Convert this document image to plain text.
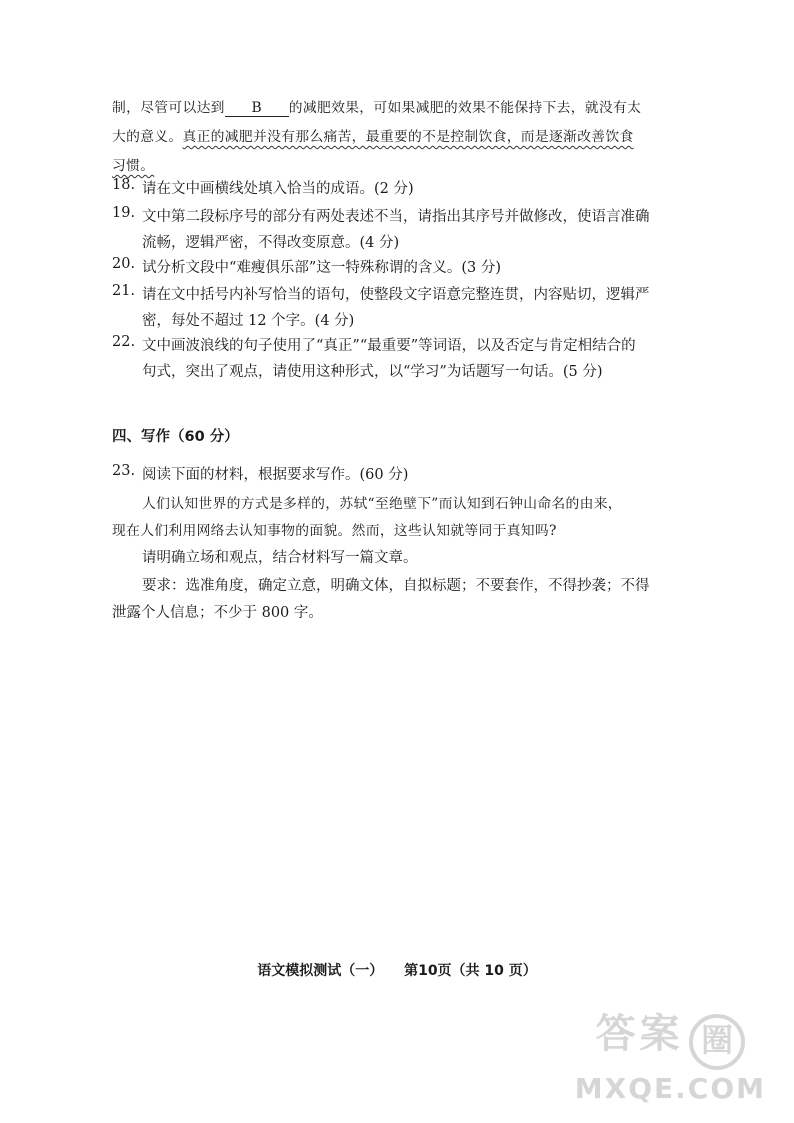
制，尽管可以达到 B 的减肥效果，可如果减肥的效果不能保持下去，就没有太
大的意义。真正的减肥并没有那么痛苦，最重要的不是控制饮食，而是逐渐改善饮食
习惯。
18. 请在文中画横线处填入恰当的成语。(2 分)
19. 文中第二段标序号的部分有两处表述不当，请指出其序号并做修改，使语言准确
流畅，逻辑严密，不得改变原意。(4 分)
20. 试分析文段中“难瘦俱乐部”这一特殊称谓的含义。(3 分)
21. 请在文中括号内补写恰当的语句，使整段文字语意完整连贯，内容贴切，逻辑严
密，每处不超过 12 个字。(4 分)
22. 文中画波浪线的句子使用了“真正”“最重要”等词语，以及否定与肯定相结合的
句式，突出了观点，请使用这种形式，以“学习”为话题写一句话。(5 分)
四、写作（60 分）
23. 阅读下面的材料，根据要求写作。(60 分)
人们认知世界的方式是多样的，苏轼“至绝壁下”而认知到石钟山命名的由来，
现在人们利用网络去认知事物的面貌。然而，这些认知就等同于真知吗?
请明确立场和观点，结合材料写一篇文章。
要求：选准角度，确定立意，明确文体，自拟标题；不要套作，不得抄袭；不得
泄露个人信息；不少于 800 字。
语文模拟测试（一） 第10页（共 10 页）
答案 圈
MXQE.COM
